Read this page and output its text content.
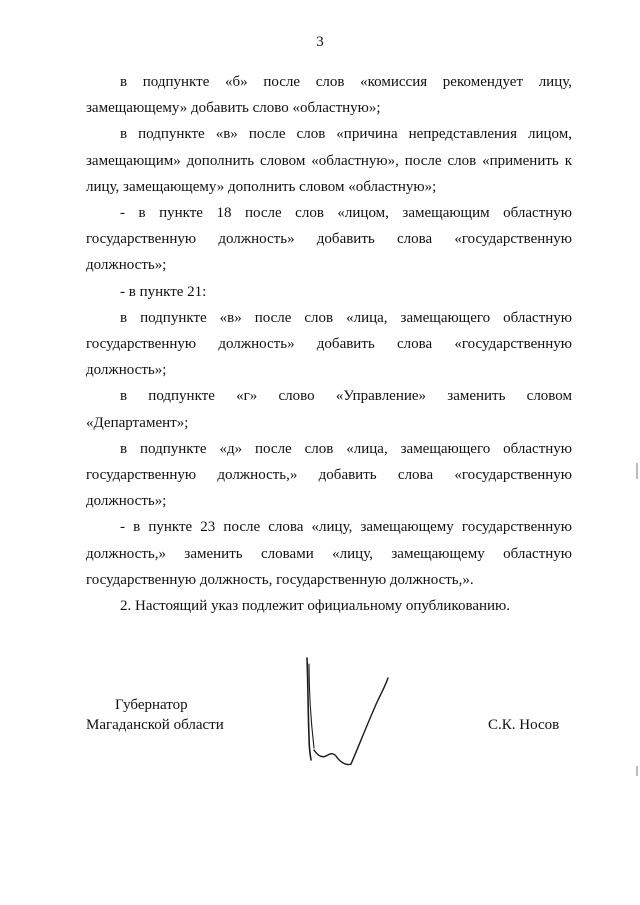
3

в подпункте «б» после слов «комиссия рекомендует лицу, замещающему» добавить слово «областную»;

в подпункте «в» после слов «причина непредставления лицом, замещающим» дополнить словом «областную», после слов «применить к лицу, замещающему» дополнить словом «областную»;

- в пункте 18 после слов «лицом, замещающим областную государственную должность» добавить слова «государственную должность»;

- в пункте 21:

в подпункте «в» после слов «лица, замещающего областную государственную должность» добавить слова «государственную должность»;

в подпункте «г» слово «Управление» заменить словом «Департамент»;

в подпункте «д» после слов «лица, замещающего областную государственную должность,» добавить слова «государственную должность»;

- в пункте 23 после слова «лицу, замещающему государственную должность,» заменить словами «лицу, замещающему областную государственную должность, государственную должность,».

2. Настоящий указ подлежит официальному опубликованию.

Губернатор
Магаданской области	С.К. Носов
